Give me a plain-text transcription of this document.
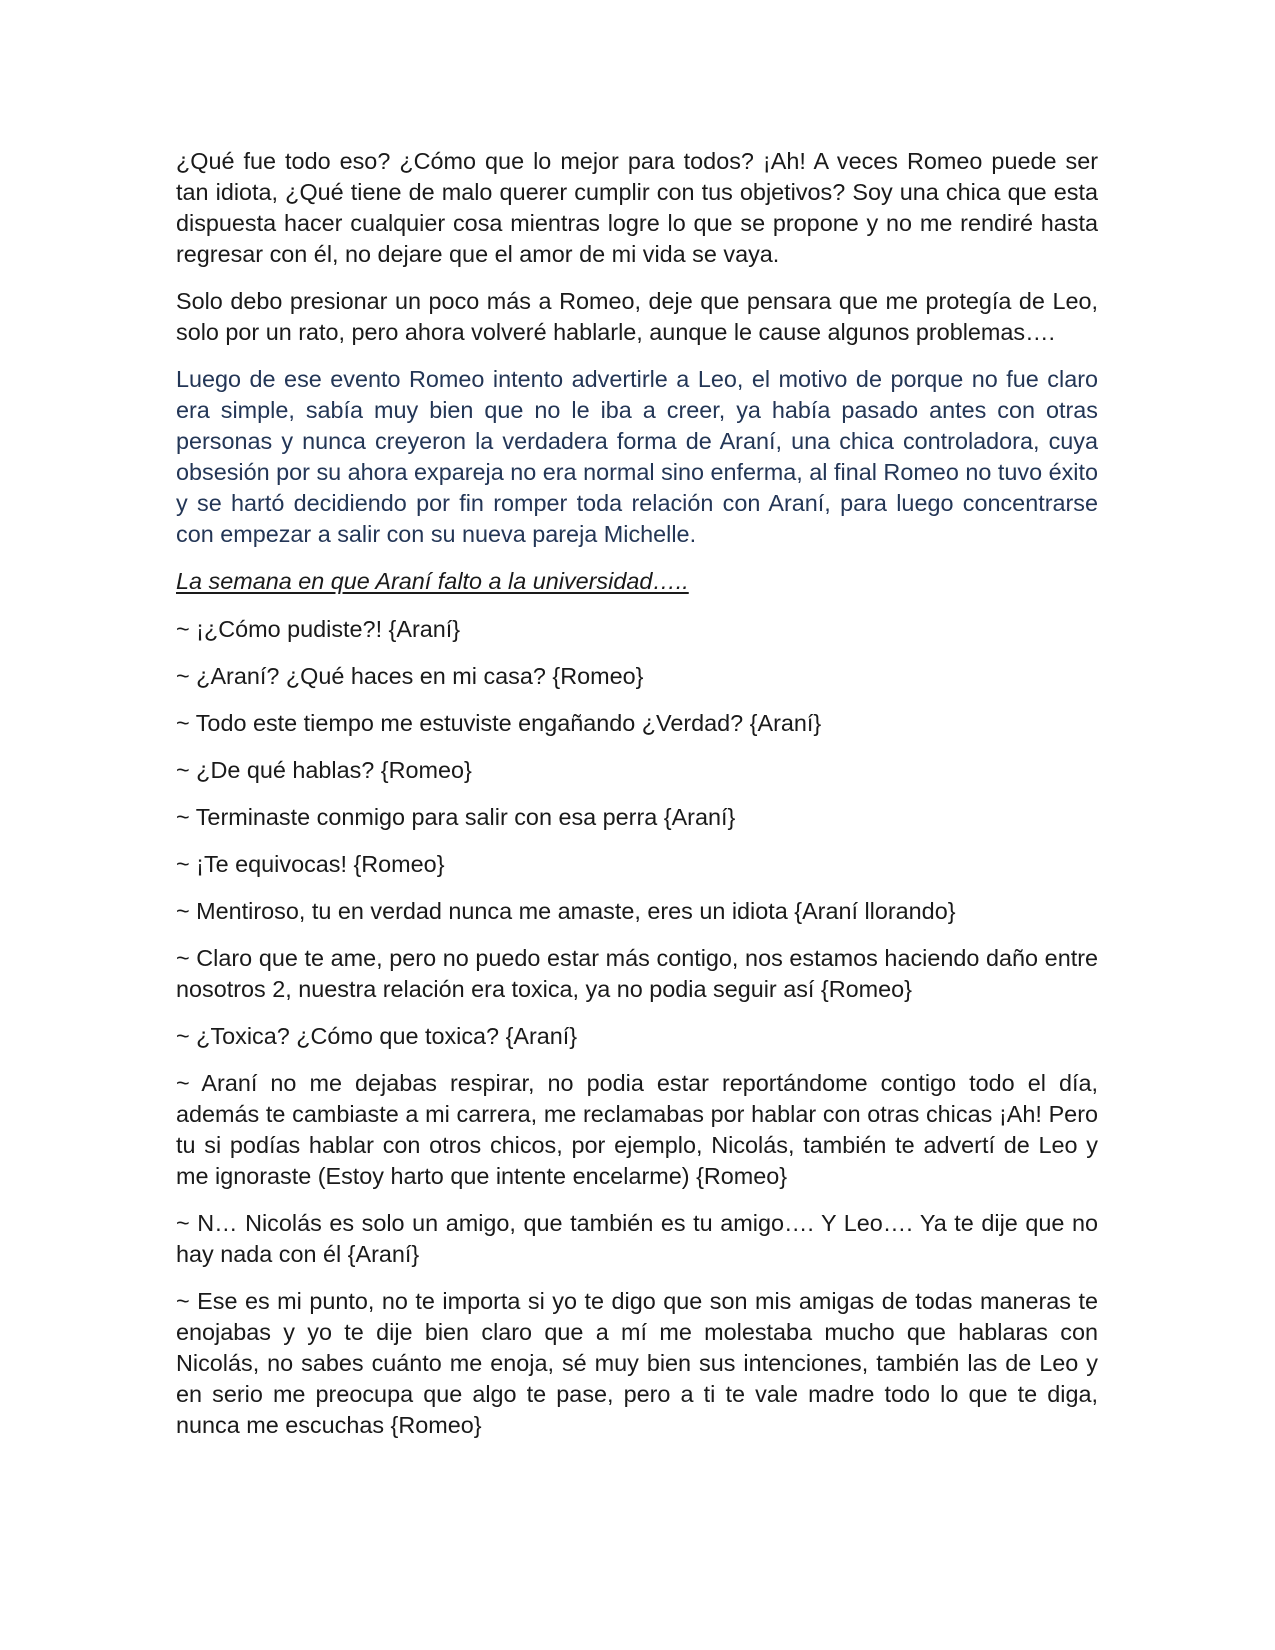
¿Qué fue todo eso? ¿Cómo que lo mejor para todos? ¡Ah! A veces Romeo puede ser tan idiota, ¿Qué tiene de malo querer cumplir con tus objetivos? Soy una chica que esta dispuesta hacer cualquier cosa mientras logre lo que se propone y no me rendiré hasta regresar con él, no dejare que el amor de mi vida se vaya.

Solo debo presionar un poco más a Romeo, deje que pensara que me protegía de Leo, solo por un rato, pero ahora volveré hablarle, aunque le cause algunos problemas….

Luego de ese evento Romeo intento advertirle a Leo, el motivo de porque no fue claro era simple, sabía muy bien que no le iba a creer, ya había pasado antes con otras personas y nunca creyeron la verdadera forma de Araní, una chica controladora, cuya obsesión por su ahora expareja no era normal sino enferma, al final Romeo no tuvo éxito y se hartó decidiendo por fin romper toda relación con Araní, para luego concentrarse con empezar a salir con su nueva pareja Michelle.

La semana en que Araní falto a la universidad…..

~ ¡¿Cómo pudiste?! {Araní}

~ ¿Araní? ¿Qué haces en mi casa? {Romeo}

~ Todo este tiempo me estuviste engañando ¿Verdad? {Araní}

~ ¿De qué hablas? {Romeo}

~ Terminaste conmigo para salir con esa perra {Araní}

~ ¡Te equivocas! {Romeo}

~ Mentiroso, tu en verdad nunca me amaste, eres un idiota {Araní llorando}

~ Claro que te ame, pero no puedo estar más contigo, nos estamos haciendo daño entre nosotros 2, nuestra relación era toxica, ya no podia seguir así {Romeo}

~ ¿Toxica? ¿Cómo que toxica? {Araní}

~ Araní no me dejabas respirar, no podia estar reportándome contigo todo el día, además te cambiaste a mi carrera, me reclamabas por hablar con otras chicas ¡Ah! Pero tu si podías hablar con otros chicos, por ejemplo, Nicolás, también te advertí de Leo y me ignoraste (Estoy harto que intente encelarme) {Romeo}

~ N… Nicolás es solo un amigo, que también es tu amigo…. Y Leo…. Ya te dije que no hay nada con él {Araní}

~ Ese es mi punto, no te importa si yo te digo que son mis amigas de todas maneras te enojabas y yo te dije bien claro que a mí me molestaba mucho que hablaras con Nicolás, no sabes cuánto me enoja, sé muy bien sus intenciones, también las de Leo y en serio me preocupa que algo te pase, pero a ti te vale madre todo lo que te diga, nunca me escuchas {Romeo}
